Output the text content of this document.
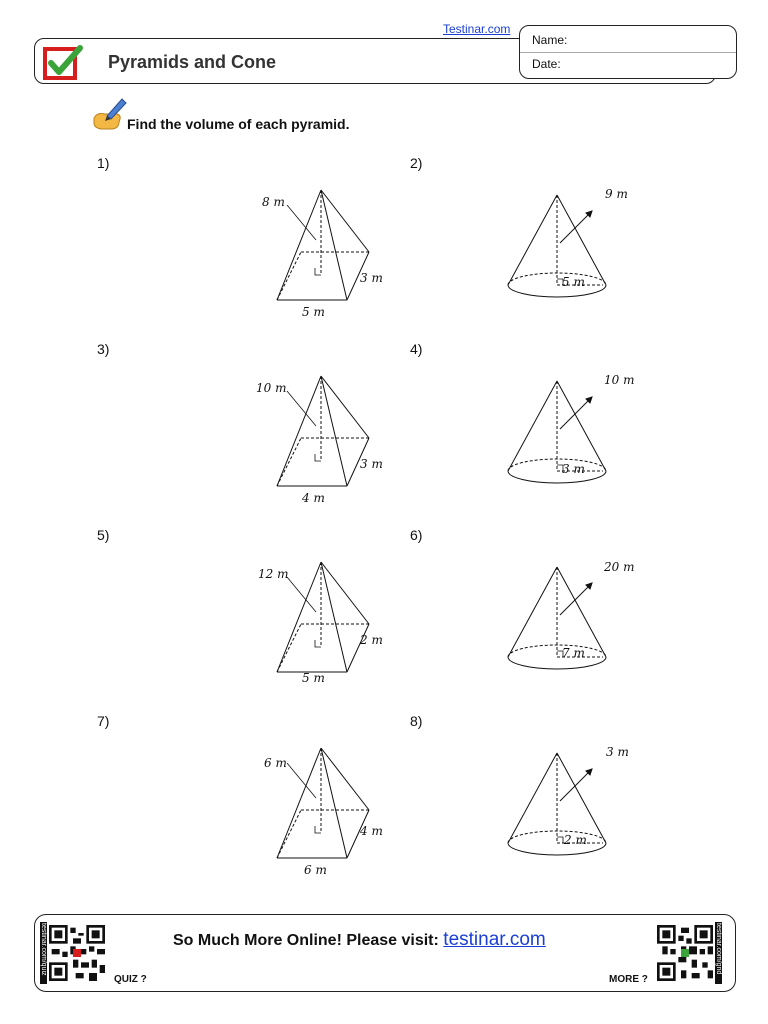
Testinar.com
Pyramids and Cone
Name:
Date:
Find the volume of each pyramid.
1)	2)
3)	4)
5)	6)
7)	8)
8 m
5 m
3 m
10 m
4 m
3 m
12 m
5 m
2 m
6 m
6 m
4 m
9 m
5 m
10 m
3 m
20 m
7 m
3 m
2 m
testinar.com/quiz
QUIZ ?
So Much More Online! Please visit: testinar.com
MORE ?
testinar.com/grid
